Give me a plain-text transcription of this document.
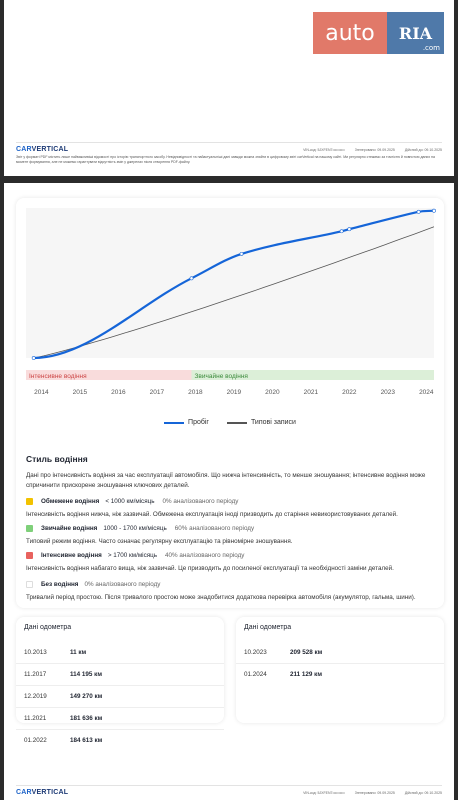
auto	RIA
.com
CARVERTICAL	VIN-код: 5JXFEN7••••••••••	Згенеровано: 09.09.2025	Дійсний до: 09.10.2025
Звіт у форматі PDF містить лише найважливіші відомості про історію транспортного засобу. Невідповідності та найактуальніші дані завжди можна знайти в цифровому звіті carVertical на нашому сайті. Ми регулярно стежимо за точністю й повнотою даних на момент формування, але не можемо гарантувати відсутність змін у джерелах після створення PDF-файлу.
Інтенсивне водіння	Звичайне водіння
2014	2015	2016	2017	2018	2019	2020	2021	2022	2023	2024
Пробіг	Типові записи
Стиль водіння
Дані про інтенсивність водіння за час експлуатації автомобіля. Що нижча інтенсивність, то менше зношування; інтенсивне водіння може спричинити прискорене зношування ключових деталей.
Обмежене водіння < 1000 км/місяць 0% аналізованого періоду
Інтенсивність водіння нижча, ніж зазвичай. Обмежена експлуатація іноді призводить до старіння невикористовуваних деталей.
Звичайне водіння 1000 - 1700 км/місяць 60% аналізованого періоду
Типовий режим водіння. Часто означає регулярну експлуатацію та рівномірне зношування.
Інтенсивне водіння > 1700 км/місяць 40% аналізованого періоду
Інтенсивність водіння набагато вища, ніж зазвичай. Це призводить до посиленої експлуатації та необхідності заміни деталей.
Без водіння 0% аналізованого періоду
Тривалий період простою. Після тривалого простою може знадобитися додаткова перевірка автомобіля (акумулятор, гальма, шини).
Дані одометра
10.2013	11 км
11.2017	114 195 км
12.2019	149 270 км
11.2021	181 636 км
01.2022	184 613 км
Дані одометра
10.2023	209 528 км
01.2024	211 129 км
CARVERTICAL	VIN-код: 5JXFEN7••••••••••	Згенеровано: 09.09.2025	Дійсний до: 09.10.2025
